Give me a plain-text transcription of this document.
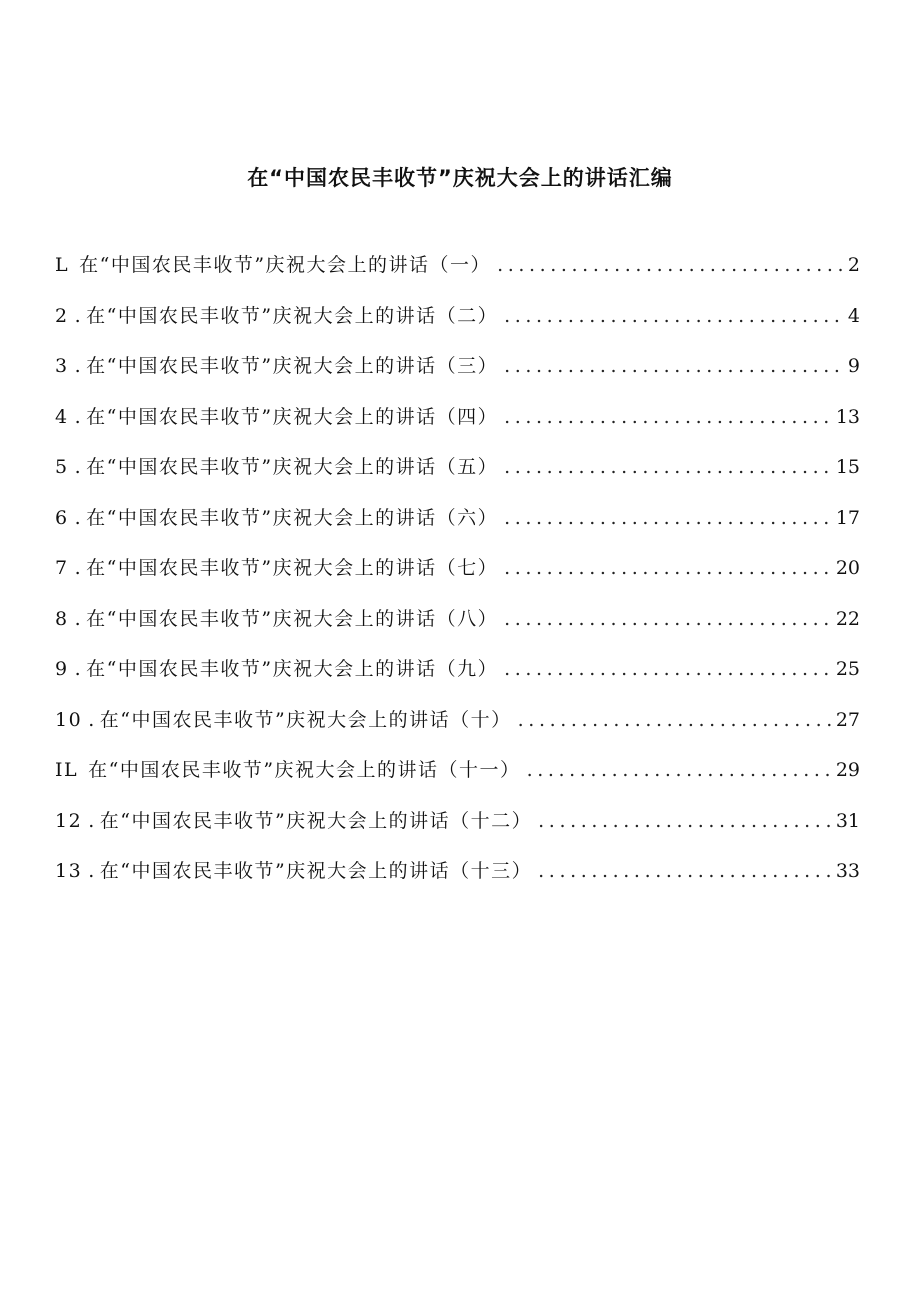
在“中国农民丰收节”庆祝大会上的讲话汇编
L 在“中国农民丰收节”庆祝大会上的讲话（一） .....	2
2 . 在“中国农民丰收节”庆祝大会上的讲话（二） .....	4
3 . 在“中国农民丰收节”庆祝大会上的讲话（三） .....	9
4 . 在“中国农民丰收节”庆祝大会上的讲话（四） .....	13
5 . 在“中国农民丰收节”庆祝大会上的讲话（五） .....	15
6 . 在“中国农民丰收节”庆祝大会上的讲话（六） .....	17
7 . 在“中国农民丰收节”庆祝大会上的讲话（七） .....	20
8 . 在“中国农民丰收节”庆祝大会上的讲话（八） .....	22
9 . 在“中国农民丰收节”庆祝大会上的讲话（九） .....	25
10 . 在“中国农民丰收节”庆祝大会上的讲话（十） .....	27
IL 在“中国农民丰收节”庆祝大会上的讲话（十一） .....	29
12 . 在“中国农民丰收节”庆祝大会上的讲话（十二） .....	31
13 . 在“中国农民丰收节”庆祝大会上的讲话（十三） .....	33
